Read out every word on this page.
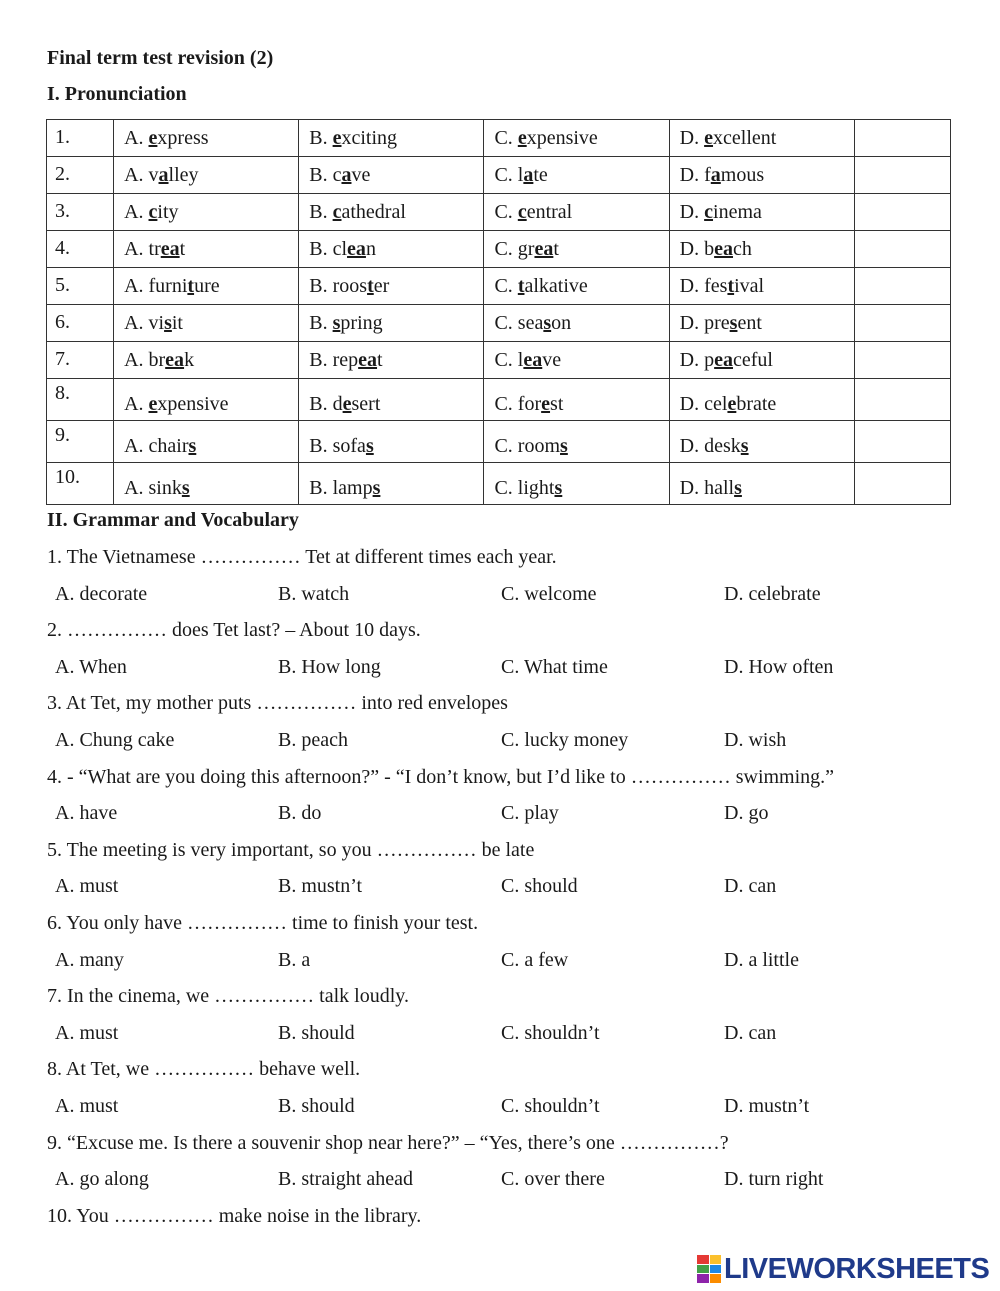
Final term test revision (2)
I. Pronunciation
1.	A. express	B. exciting	C. expensive	D. excellent	
2.	A. valley	B. cave	C. late	D. famous	
3.	A. city	B. cathedral	C. central	D. cinema	
4.	A. treat	B. clean	C. great	D. beach	
5.	A. furniture	B. rooster	C. talkative	D. festival	
6.	A. visit	B. spring	C. season	D. present	
7.	A. break	B. repeat	C. leave	D. peaceful	
8.	A. expensive	B. desert	C. forest	D. celebrate	
9.	A. chairs	B. sofas	C. rooms	D. desks	
10.	A. sinks	B. lamps	C. lights	D. halls	
II. Grammar and Vocabulary
1. The Vietnamese …………… Tet at different times each year.
A. decorate	B. watch	C. welcome	D. celebrate
2. …………… does Tet last? – About 10 days.
A. When	B. How long	C. What time	D. How often
3. At Tet, my mother puts …………… into red envelopes
A. Chung cake	B. peach	C. lucky money	D. wish
4. - “What are you doing this afternoon?” - “I don’t know, but I’d like to …………… swimming.”
A. have	B. do	C. play	D. go
5. The meeting is very important, so you …………… be late
A. must	B. mustn’t	C. should	D. can
6. You only have …………… time to finish your test.
A. many	B. a	C. a few	D. a little
7. In the cinema, we …………… talk loudly.
A. must	B. should	C. shouldn’t	D. can
8. At Tet, we …………… behave well.
A. must	B. should	C. shouldn’t	D. mustn’t
9. “Excuse me. Is there a souvenir shop near here?” – “Yes, there’s one ……………?
A. go along	B. straight ahead	C. over there	D. turn right
10. You …………… make noise in the library.
LIVEWORKSHEETS
